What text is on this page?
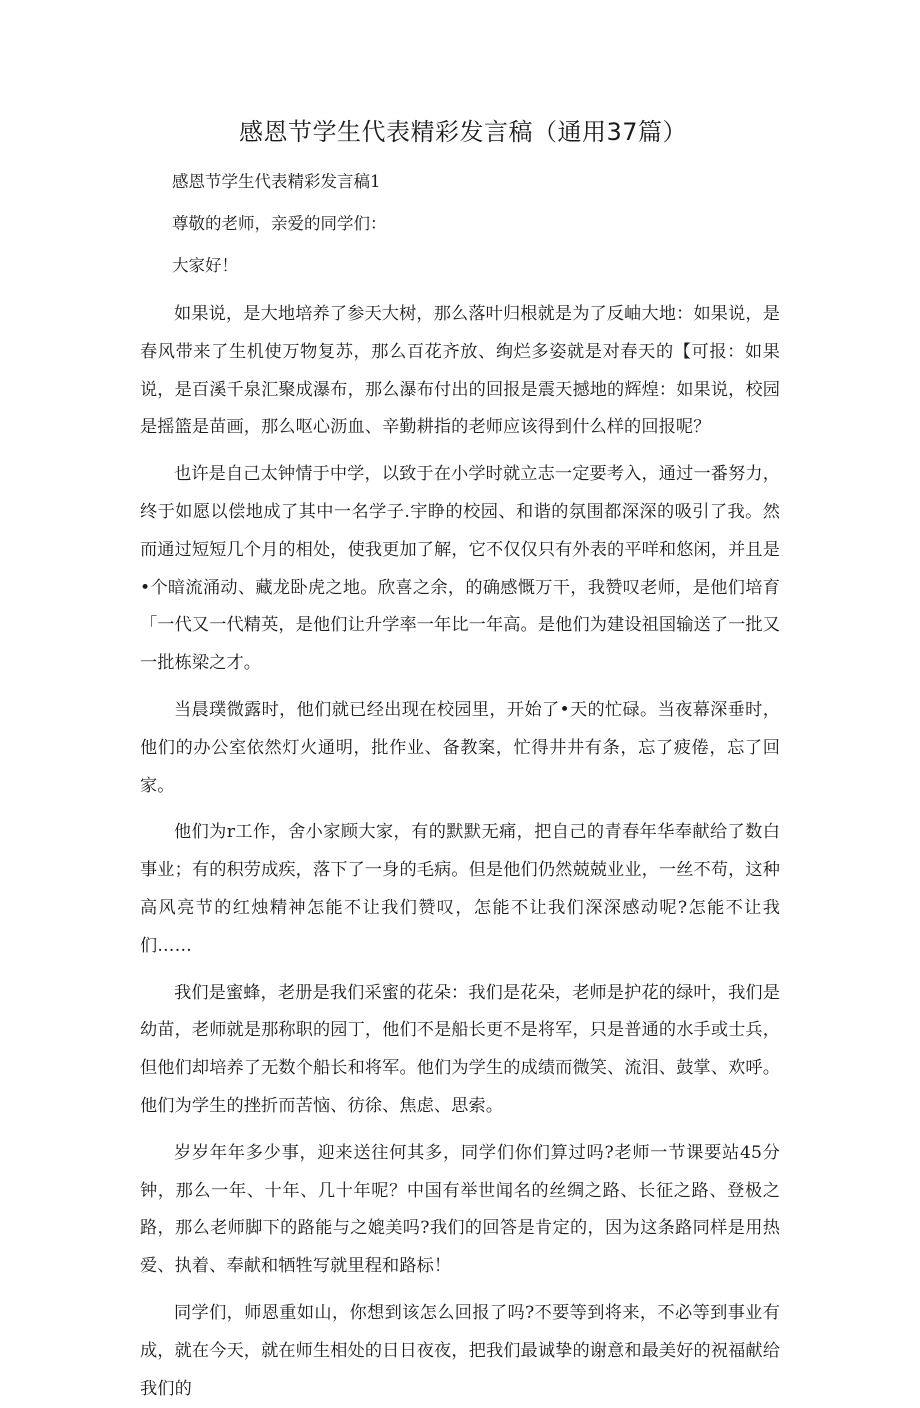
感恩节学生代表精彩发言稿（通用37篇）
感恩节学生代表精彩发言稿1
尊敬的老师，亲爱的同学们：
大家好！

如果说，是大地培养了参天大树，那么落叶归根就是为了反岫大地：如果说，是春风带来了生机使万物复苏，那么百花齐放、绚烂多姿就是对春天的【可报：如果说，是百溪千泉汇聚成瀑布，那么瀑布付出的回报是震天撼地的辉煌：如果说，校园是摇篮是苗画，那么呕心沥血、辛勤耕指的老师应该得到什么样的回报呢？

也许是自己太钟情于中学，以致于在小学时就立志一定要考入，通过一番努力，终于如愿以偿地成了其中一名学子.宇睁的校园、和谐的氛围都深深的吸引了我。然而通过短短几个月的相处，使我更加了解，它不仅仅只有外表的平咩和悠闲，并且是•个暗流涌动、藏龙卧虎之地。欣喜之余，的确感慨万干，我赞叹老师，是他们培育「一代又一代精英，是他们让升学率一年比一年高。是他们为建设祖国输送了一批又一批栋梁之才。

当晨璞微露时，他们就已经出现在校园里，开始了•天的忙碌。当夜幕深垂时，他们的办公室依然灯火通明，批作业、备教案，忙得井井有条，忘了疲倦，忘了回家。

他们为r工作，舍小家顾大家，有的默默无痛，把自己的青春年华奉献给了数白事业；有的积劳成疾，落下了一身的毛病。但是他们仍然兢兢业业，一丝不苟，这种高风亮节的红烛精神怎能不让我们赞叹，怎能不让我们深深感动呢?怎能不让我们……

我们是蜜蜂，老册是我们采蜜的花朵：我们是花朵，老师是护花的绿叶，我们是幼苗，老师就是那称职的园丁，他们不是船长更不是将军，只是普通的水手或士兵，但他们却培养了无数个船长和将军。他们为学生的成绩而微笑、流泪、鼓掌、欢呼。他们为学生的挫折而苦恼、彷徐、焦虑、思索。

岁岁年年多少事，迎来送往何其多，同学们你们算过吗?老师一节课要站45分钟，那么一年、十年、几十年呢？中国有举世闻名的丝绸之路、长征之路、登极之路，那么老师脚下的路能与之媲美吗?我们的回答是肯定的，因为这条路同样是用热爱、执着、奉献和牺牲写就里程和路标！

同学们，师恩重如山，你想到该怎么回报了吗?不要等到将来，不必等到事业有成，就在今天，就在师生相处的日日夜夜，把我们最诚挚的谢意和最美好的祝福献给我们的
